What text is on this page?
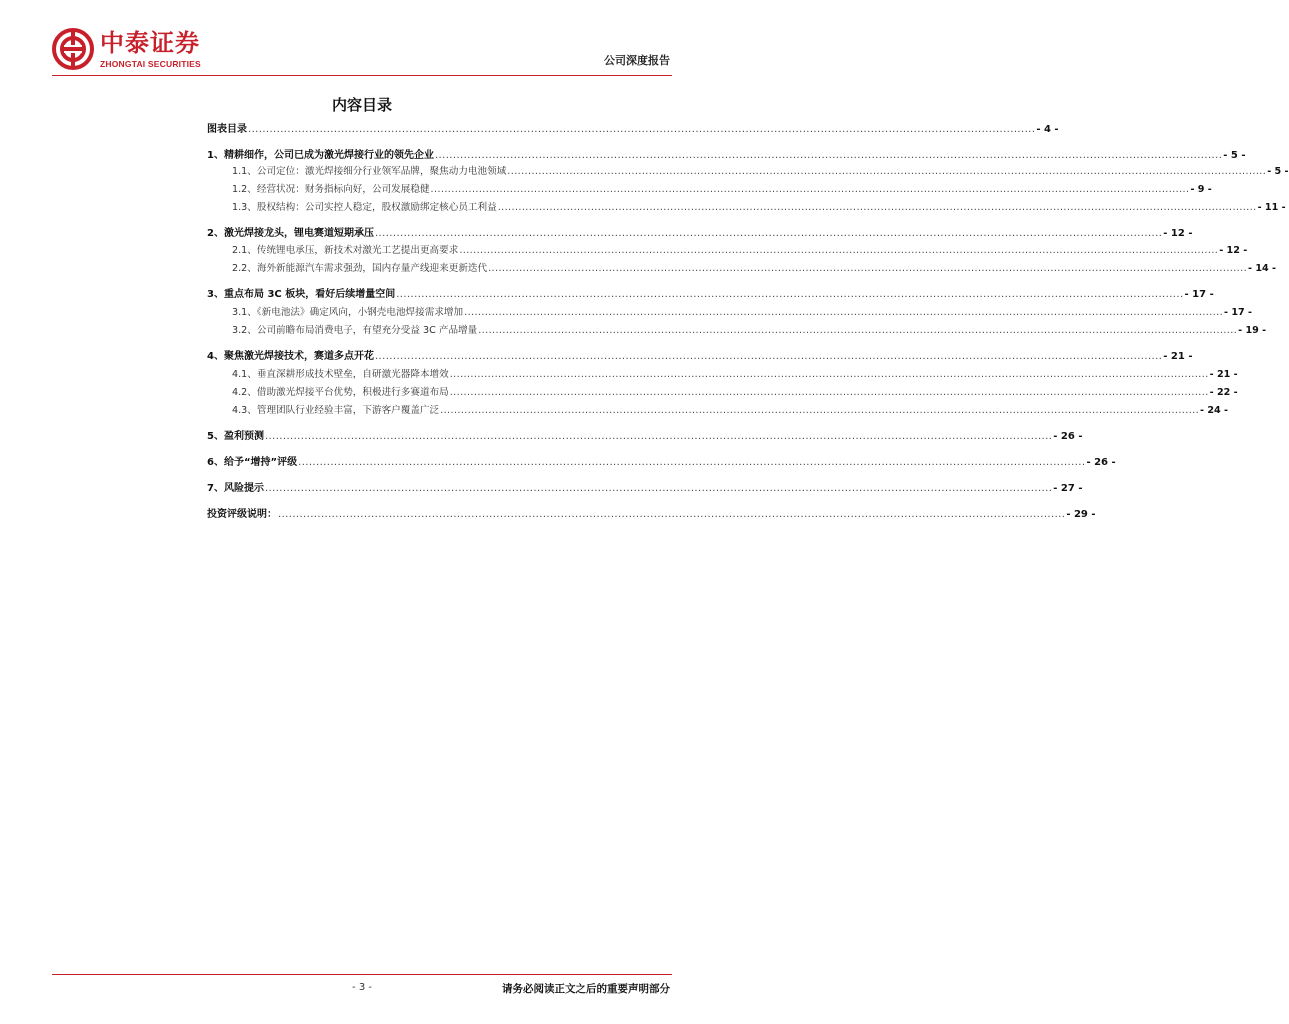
中泰证券
ZHONGTAI SECURITIES	公司深度报告
内容目录
图表目录 ............................................................................................................................................................................................................................ - 4 -
1、精耕细作，公司已成为激光焊接行业的领先企业 ............................................................................................................................................................................................................................ - 5 -
1.1、公司定位：激光焊接细分行业领军品牌，聚焦动力电池领域 ............................................................................................................................................................................................................................ - 5 -
1.2、经营状况：财务指标向好，公司发展稳健 ............................................................................................................................................................................................................................ - 9 -
1.3、股权结构：公司实控人稳定，股权激励绑定核心员工利益 ............................................................................................................................................................................................................................ - 11 -
2、激光焊接龙头，锂电赛道短期承压 ............................................................................................................................................................................................................................ - 12 -
2.1、传统锂电承压，新技术对激光工艺提出更高要求 ............................................................................................................................................................................................................................ - 12 -
2.2、海外新能源汽车需求强劲，国内存量产线迎来更新迭代 ............................................................................................................................................................................................................................ - 14 -
3、重点布局 3C 板块，看好后续增量空间 ............................................................................................................................................................................................................................ - 17 -
3.1、《新电池法》确定风向，小钢壳电池焊接需求增加 ............................................................................................................................................................................................................................ - 17 -
3.2、公司前瞻布局消费电子，有望充分受益 3C 产品增量 ............................................................................................................................................................................................................................ - 19 -
4、聚焦激光焊接技术，赛道多点开花 ............................................................................................................................................................................................................................ - 21 -
4.1、垂直深耕形成技术壁垒，自研激光器降本增效 ............................................................................................................................................................................................................................ - 21 -
4.2、借助激光焊接平台优势，积极进行多赛道布局 ............................................................................................................................................................................................................................ - 22 -
4.3、管理团队行业经验丰富，下游客户覆盖广泛 ............................................................................................................................................................................................................................ - 24 -
5、盈利预测 ............................................................................................................................................................................................................................ - 26 -
6、给予“增持”评级 ............................................................................................................................................................................................................................ - 26 -
7、风险提示 ............................................................................................................................................................................................................................ - 27 -
投资评级说明： ............................................................................................................................................................................................................................ - 29 -
- 3 -	请务必阅读正文之后的重要声明部分
